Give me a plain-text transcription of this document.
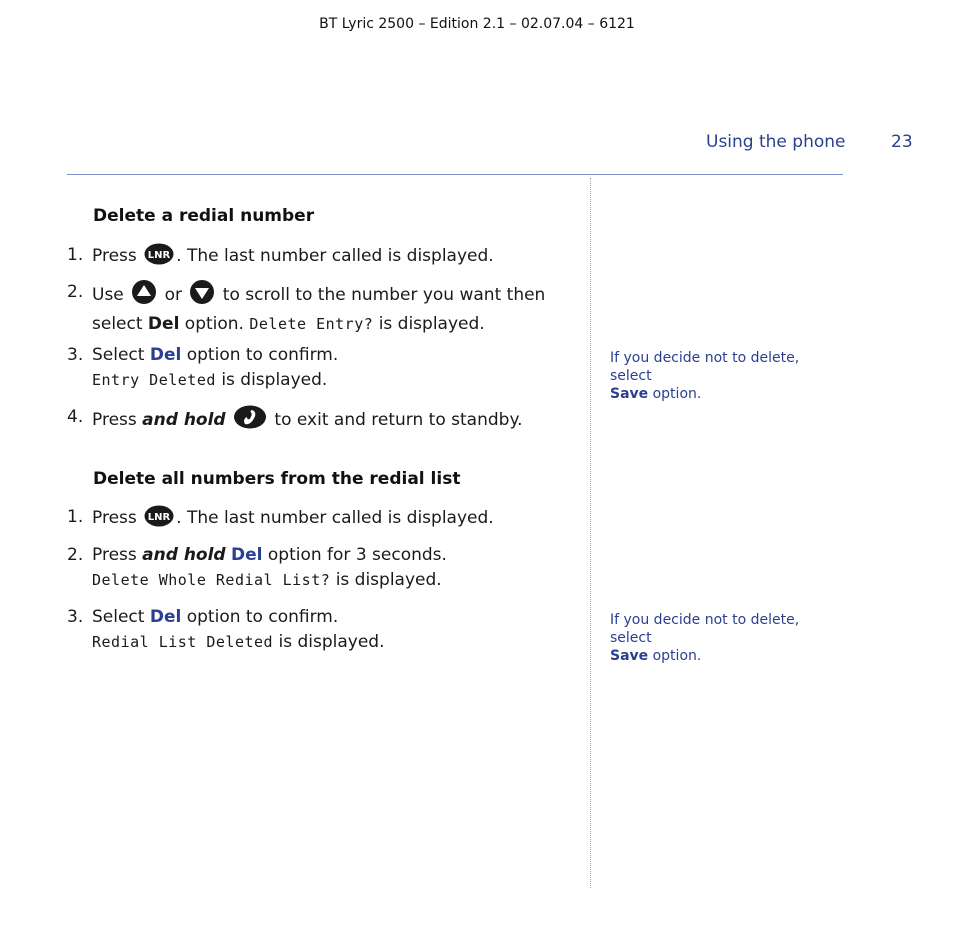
BT Lyric 2500 – Edition 2.1 – 02.07.04 – 6121
Using the phone	23
Delete a redial number
1. Press LNR . The last number called is displayed.
2. Use or to scroll to the number you want then
select Del option. Delete Entry? is displayed.
3. Select Del option to confirm.
Entry Deleted is displayed.
4. Press and hold	to exit and return to standby.
If you decide not to delete, select
Save option.
Delete all numbers from the redial list
1. Press LNR . The last number called is displayed.
2. Press and hold Del option for 3 seconds.
Delete Whole Redial List? is displayed.
3. Select Del option to confirm.
Redial List Deleted is displayed.
If you decide not to delete, select
Save option.
